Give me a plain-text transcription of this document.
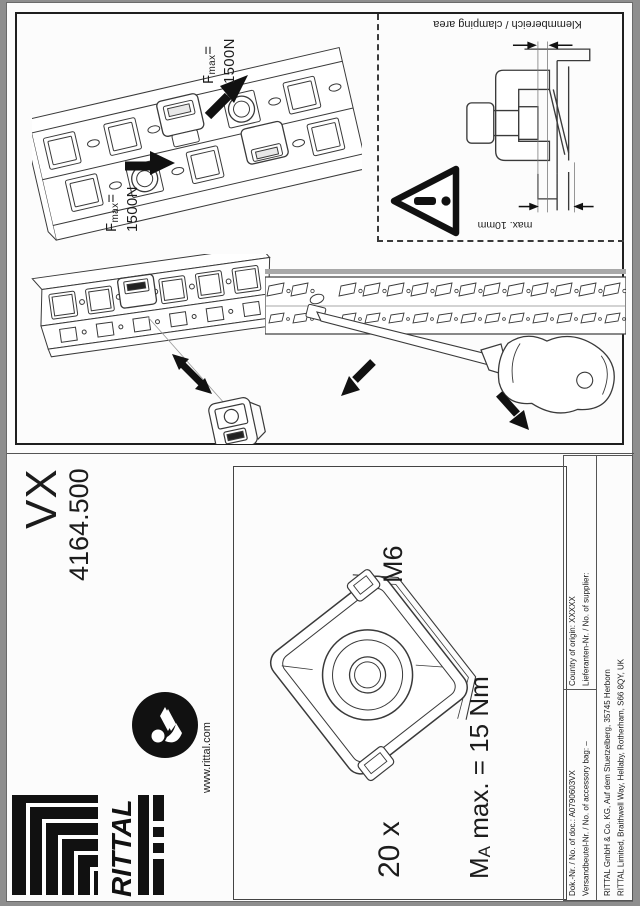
$F_{max}= 1500N$
$F_{max}= 1500N$
Klemmbereich / clamping area
max. 10mm
VX
4164.500
www.rittal.com
RITTAL
M6
$M_A$ max. = 15 Nm
20 x
Country of origin: XXXXX Lieferanten-Nr. / No. of supplier:
Dok.-Nr. / No. of doc.: A0790603VX Versandbeutel-Nr. / No. of accessory bag: –	RITTAL GmbH & Co. KG, Auf dem Stuetzelberg, 35745 Herborn RITTAL Limited, Braithwell Way, Hellaby, Rotherham, S66 8QY, UK
